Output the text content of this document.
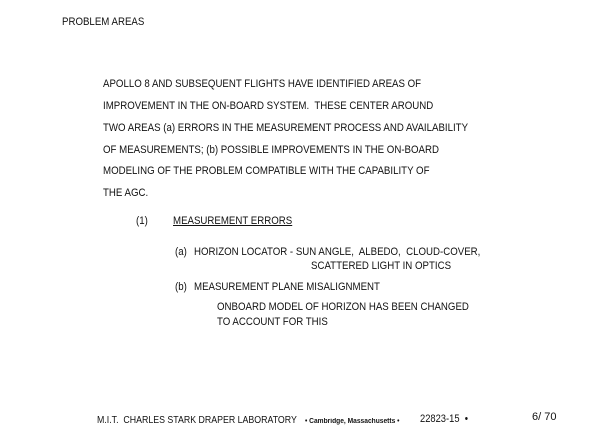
PROBLEM AREAS
APOLLO 8 AND SUBSEQUENT FLIGHTS HAVE IDENTIFIED AREAS OF
IMPROVEMENT IN THE ON-BOARD SYSTEM.  THESE CENTER AROUND
TWO AREAS (a) ERRORS IN THE MEASUREMENT PROCESS AND AVAILABILITY
OF MEASUREMENTS; (b) POSSIBLE IMPROVEMENTS IN THE ON-BOARD
MODELING OF THE PROBLEM COMPATIBLE WITH THE CAPABILITY OF
THE AGC.
(1) MEASUREMENT ERRORS
(a) HORIZON LOCATOR - SUN ANGLE,  ALBEDO,  CLOUD-COVER,
SCATTERED LIGHT IN OPTICS
(b) MEASUREMENT PLANE MISALIGNMENT
ONBOARD MODEL OF HORIZON HAS BEEN CHANGED
TO ACCOUNT FOR THIS
M.I.T.  CHARLES STARK DRAPER LABORATORY • Cambridge, Massachusetts • 22823-15  •	6/ 70
